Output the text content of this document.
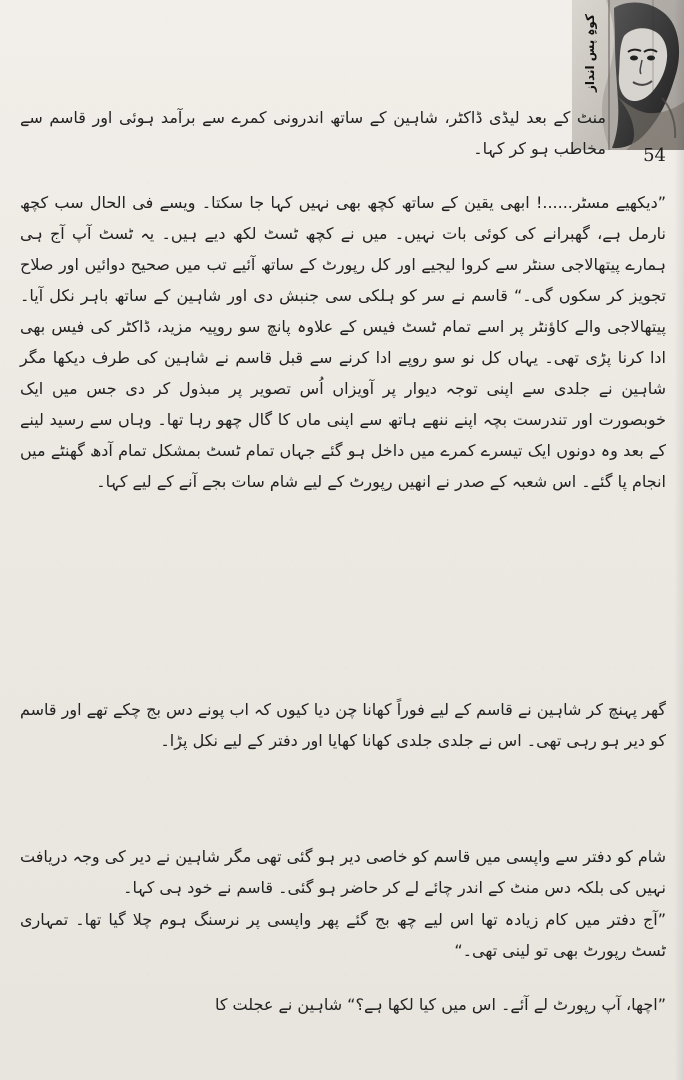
کوہِ پس انداز
54

منٹ کے بعد لیڈی ڈاکٹر، شاہین کے ساتھ اندرونی کمرے سے برآمد ہوئی اور قاسم سے مخاطب ہو کر کہا۔

”دیکھیے مسٹر......! ابھی یقین کے ساتھ کچھ بھی نہیں کہا جا سکتا۔ ویسے فی الحال سب کچھ نارمل ہے، گھبرانے کی کوئی بات نہیں۔ میں نے کچھ ٹسٹ لکھ دیے ہیں۔ یہ ٹسٹ آپ آج ہی ہمارے پیتھالاجی سنٹر سے کروا لیجیے اور کل رپورٹ کے ساتھ آئیے تب میں صحیح دوائیں اور صلاح تجویز کر سکوں گی۔“ قاسم نے سر کو ہلکی سی جنبش دی اور شاہین کے ساتھ باہر نکل آیا۔ پیتھالاجی والے کاؤنٹر پر اسے تمام ٹسٹ فیس کے علاوہ پانچ سو روپیہ مزید، ڈاکٹر کی فیس بھی ادا کرنا پڑی تھی۔ یہاں کل نو سو روپے ادا کرنے سے قبل قاسم نے شاہین کی طرف دیکھا مگر شاہین نے جلدی سے اپنی توجہ دیوار پر آویزاں اُس تصویر پر مبذول کر دی جس میں ایک خوبصورت اور تندرست بچہ اپنے ننھے ہاتھ سے اپنی ماں کا گال چھو رہا تھا۔ وہاں سے رسید لینے کے بعد وہ دونوں ایک تیسرے کمرے میں داخل ہو گئے جہاں تمام ٹسٹ بمشکل تمام آدھ گھنٹے میں انجام پا گئے۔ اس شعبہ کے صدر نے انھیں رپورٹ کے لیے شام سات بجے آنے کے لیے کہا۔

گھر پہنچ کر شاہین نے قاسم کے لیے فوراً کھانا چن دیا کیوں کہ اب پونے دس بج چکے تھے اور قاسم کو دیر ہو رہی تھی۔ اس نے جلدی جلدی کھانا کھایا اور دفتر کے لیے نکل پڑا۔

شام کو دفتر سے واپسی میں قاسم کو خاصی دیر ہو گئی تھی مگر شاہین نے دیر کی وجہ دریافت نہیں کی بلکہ دس منٹ کے اندر چائے لے کر حاضر ہو گئی۔ قاسم نے خود ہی کہا۔

”آج دفتر میں کام زیادہ تھا اس لیے چھ بج گئے پھر واپسی پر نرسنگ ہوم چلا گیا تھا۔ تمہاری ٹسٹ رپورٹ بھی تو لینی تھی۔“

”اچھا، آپ رپورٹ لے آئے۔ اس میں کیا لکھا ہے؟“ شاہین نے عجلت کا
